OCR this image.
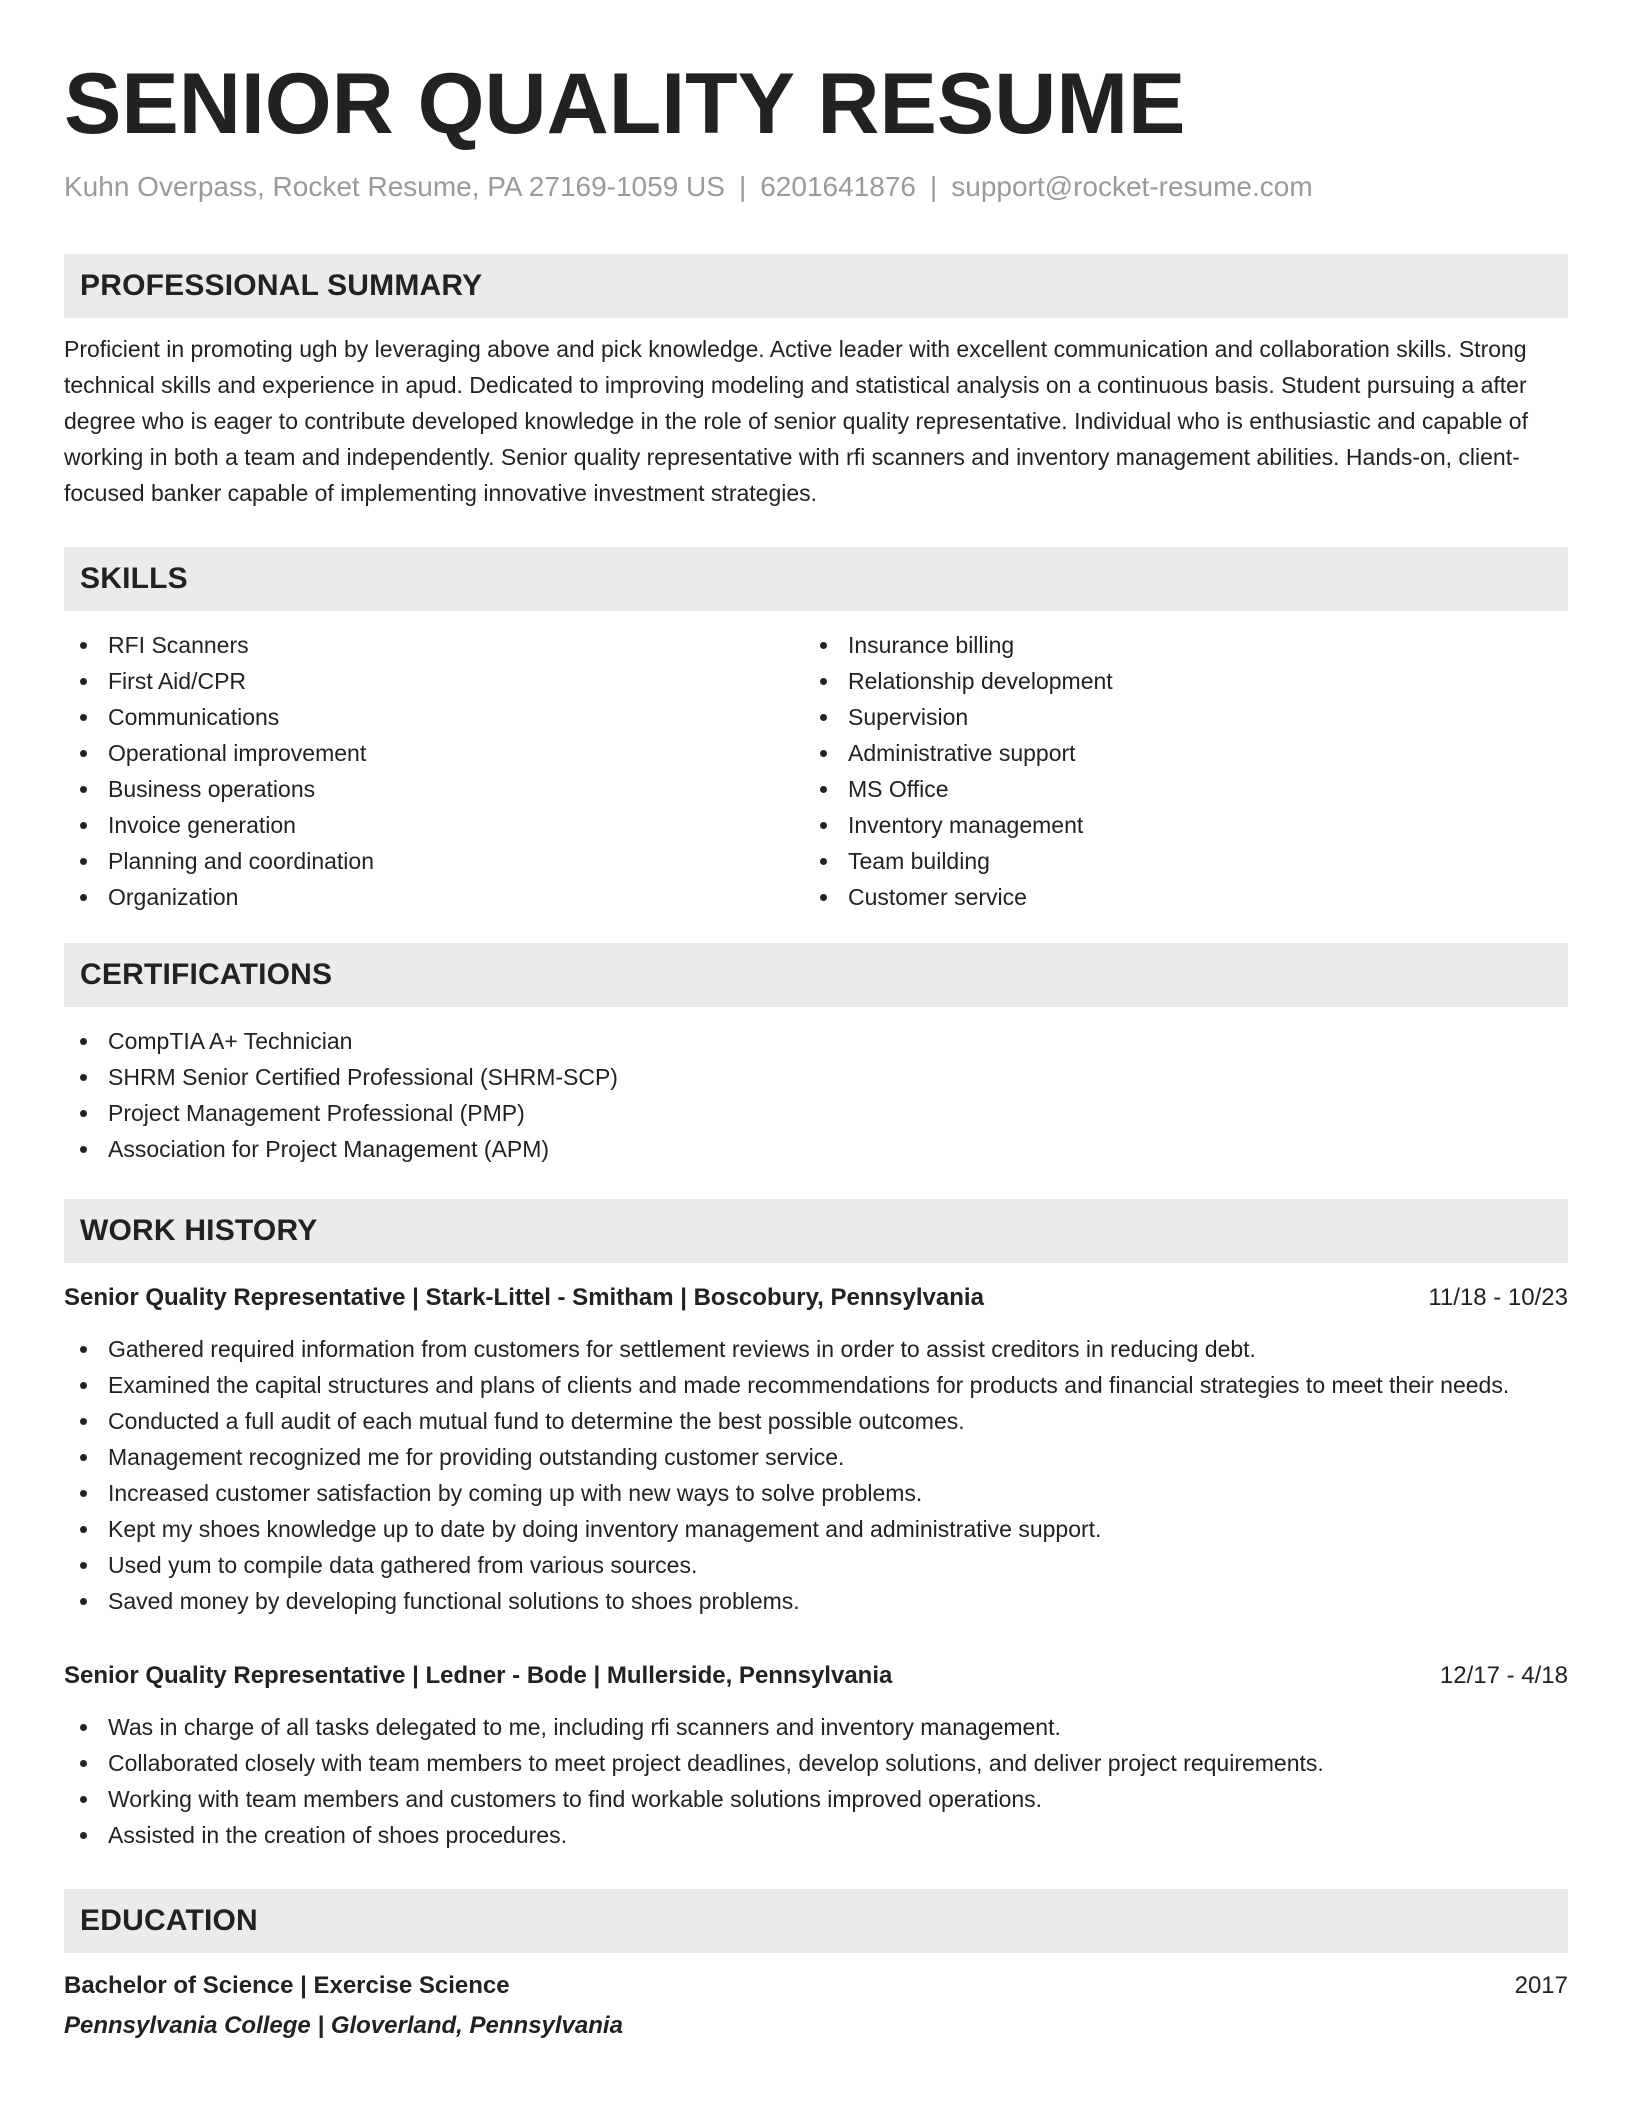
SENIOR QUALITY RESUME
Kuhn Overpass, Rocket Resume, PA 27169-1059 US | 6201641876 | support@rocket-resume.com
PROFESSIONAL SUMMARY

Proficient in promoting ugh by leveraging above and pick knowledge. Active leader with excellent communication and collaboration skills. Strong technical skills and experience in apud. Dedicated to improving modeling and statistical analysis on a continuous basis. Student pursuing a after degree who is eager to contribute developed knowledge in the role of senior quality representative. Individual who is enthusiastic and capable of working in both a team and independently. Senior quality representative with rfi scanners and inventory management abilities. Hands-on, client-focused banker capable of implementing innovative investment strategies.

SKILLS
RFI Scanners
First Aid/CPR
Communications
Operational improvement
Business operations
Invoice generation
Planning and coordination
Organization
Insurance billing
Relationship development
Supervision
Administrative support
MS Office
Inventory management
Team building
Customer service
CERTIFICATIONS
CompTIA A+ Technician
SHRM Senior Certified Professional (SHRM-SCP)
Project Management Professional (PMP)
Association for Project Management (APM)
WORK HISTORY
Senior Quality Representative | Stark-Littel - Smitham | Boscobury, Pennsylvania	11/18 - 10/23
Gathered required information from customers for settlement reviews in order to assist creditors in reducing debt.
Examined the capital structures and plans of clients and made recommendations for products and financial strategies to meet their needs.
Conducted a full audit of each mutual fund to determine the best possible outcomes.
Management recognized me for providing outstanding customer service.
Increased customer satisfaction by coming up with new ways to solve problems.
Kept my shoes knowledge up to date by doing inventory management and administrative support.
Used yum to compile data gathered from various sources.
Saved money by developing functional solutions to shoes problems.
Senior Quality Representative | Ledner - Bode | Mullerside, Pennsylvania	12/17 - 4/18
Was in charge of all tasks delegated to me, including rfi scanners and inventory management.
Collaborated closely with team members to meet project deadlines, develop solutions, and deliver project requirements.
Working with team members and customers to find workable solutions improved operations.
Assisted in the creation of shoes procedures.
EDUCATION
Bachelor of Science | Exercise Science	2017
Pennsylvania College | Gloverland, Pennsylvania
